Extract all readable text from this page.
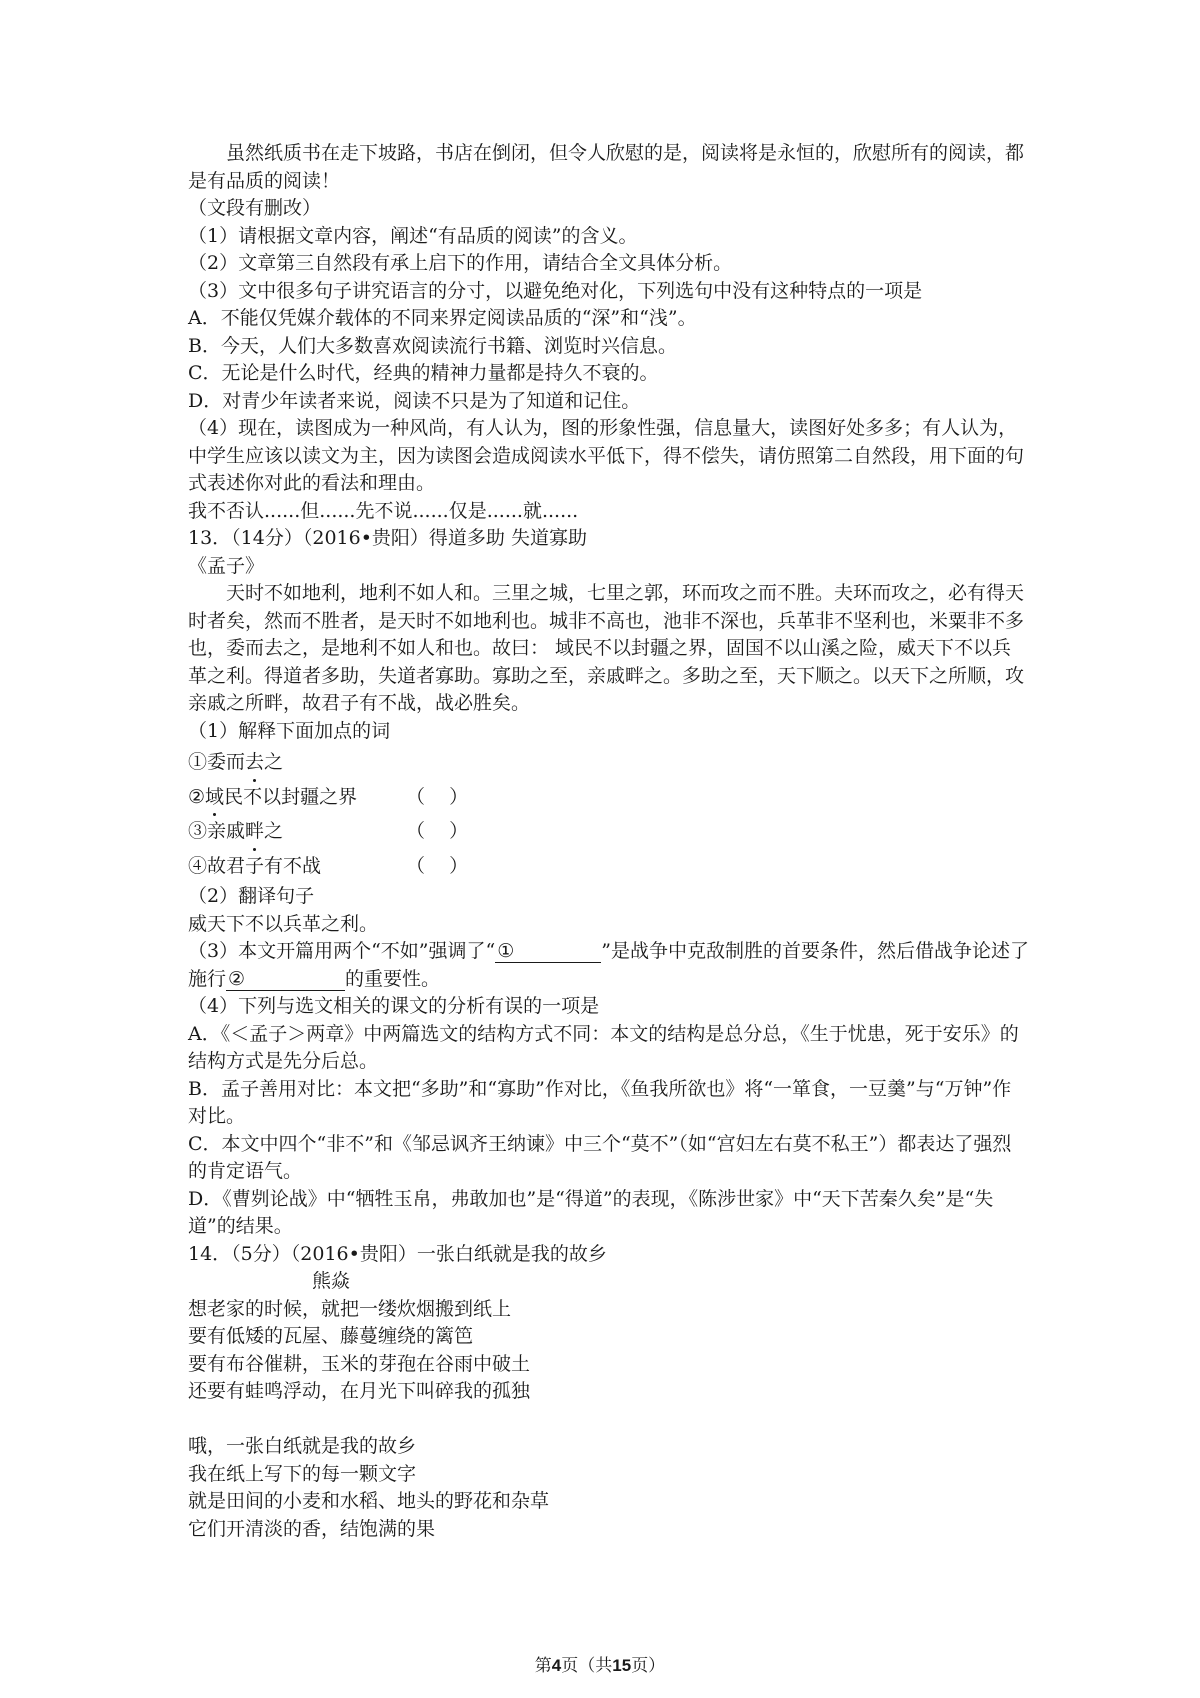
虽然纸质书在走下坡路，书店在倒闭，但令人欣慰的是，阅读将是永恒的，欣慰所有的阅读，都是有品质的阅读！

（文段有删改）

（1）请根据文章内容，阐述“有品质的阅读”的含义。

（2）文章第三自然段有承上启下的作用，请结合全文具体分析。

（3）文中很多句子讲究语言的分寸，以避免绝对化，下列选句中没有这种特点的一项是

A．不能仅凭媒介载体的不同来界定阅读品质的“深”和“浅”。

B．今天，人们大多数喜欢阅读流行书籍、浏览时兴信息。

C．无论是什么时代，经典的精神力量都是持久不衰的。

D．对青少年读者来说，阅读不只是为了知道和记住。

（4）现在，读图成为一种风尚，有人认为，图的形象性强，信息量大，读图好处多多；有人认为，中学生应该以读文为主，因为读图会造成阅读水平低下，得不偿失，请仿照第二自然段，用下面的句式表述你对此的看法和理由。

我不否认......但......先不说......仅是......就......

13．（14分）（2016•贵阳）得道多助 失道寡助

《孟子》

天时不如地利，地利不如人和。三里之城，七里之郭，环而攻之而不胜。夫环而攻之，必有得天时者矣，然而不胜者，是天时不如地利也。城非不高也，池非不深也，兵革非不坚利也，米粟非不多也，委而去之，是地利不如人和也。故曰： 域民不以封疆之界，固国不以山溪之险，威天下不以兵革之利。得道者多助，失道者寡助。寡助之至，亲戚畔之。多助之至，天下顺之。以天下之所顺，攻亲戚之所畔，故君子有不战，战必胜矣。

（1）解释下面加点的词

①委而去之
②域民不以封疆之界	（    ）
③亲戚畔之	（    ）
④故君子有不战	（    ）

（2）翻译句子

威天下不以兵革之利。

（3）本文开篇用两个“不如”强调了“ ①	”是战争中克敌制胜的首要条件，然后借战争论述了施行 ②	的重要性。

（4）下列与选文相关的课文的分析有误的一项是

A．《＜孟子＞两章》中两篇选文的结构方式不同：本文的结构是总分总，《生于忧患，死于安乐》的结构方式是先分后总。

B．孟子善用对比：本文把“多助”和“寡助”作对比，《鱼我所欲也》将“一箪食，一豆羹”与“万钟”作对比。

C．本文中四个“非不”和《邹忌讽齐王纳谏》中三个“莫不”（如“宫妇左右莫不私王”）都表达了强烈的肯定语气。

D．《曹刿论战》中“牺牲玉帛，弗敢加也”是“得道”的表现，《陈涉世家》中“天下苦秦久矣”是“失道”的结果。

14．（5分）（2016•贵阳）一张白纸就是我的故乡

熊焱

想老家的时候，就把一缕炊烟搬到纸上

要有低矮的瓦屋、藤蔓缠绕的篱笆

要有布谷催耕，玉米的芽孢在谷雨中破土

还要有蛙鸣浮动，在月光下叫碎我的孤独

哦，一张白纸就是我的故乡

我在纸上写下的每一颗文字

就是田间的小麦和水稻、地头的野花和杂草

它们开清淡的香，结饱满的果

第4页（共15页）
